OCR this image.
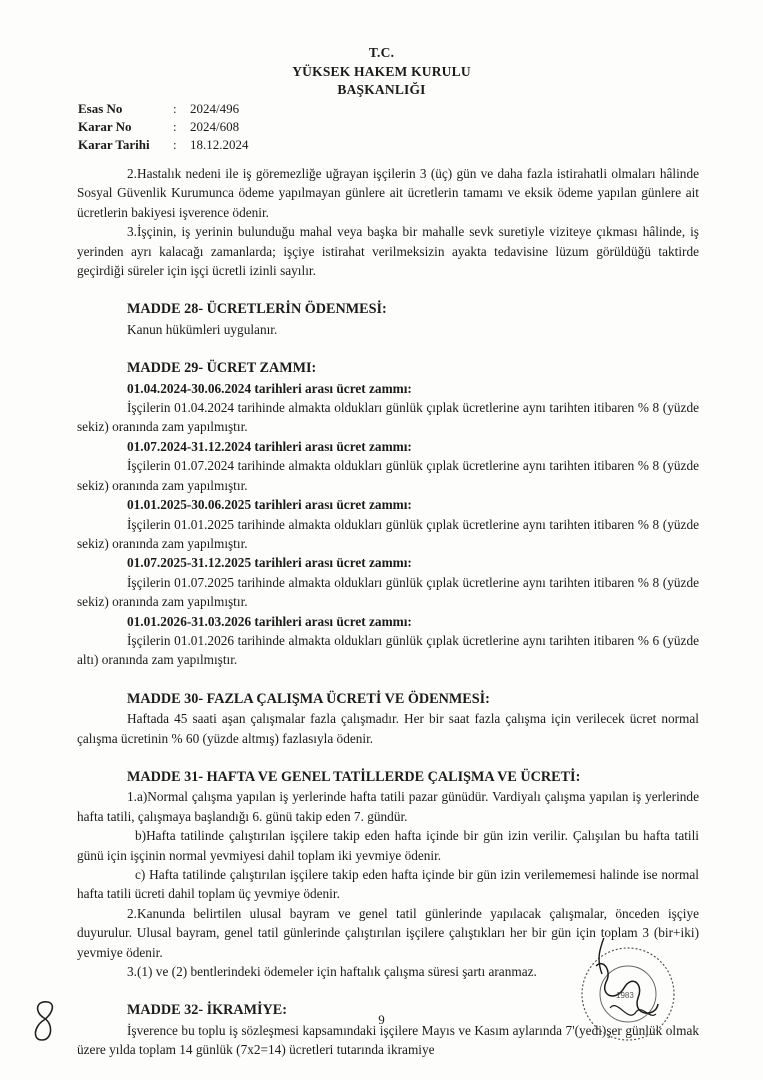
T.C.
YÜKSEK HAKEM KURULU
BAŞKANLIĞI
Esas No	: 2024/496
Karar No	: 2024/608
Karar Tarihi : 18.12.2024

2.Hastalık nedeni ile iş göremezliğe uğrayan işçilerin 3 (üç) gün ve daha fazla istirahatli olmaları hâlinde Sosyal Güvenlik Kurumunca ödeme yapılmayan günlere ait ücretlerin tamamı ve eksik ödeme yapılan günlere ait ücretlerin bakiyesi işverence ödenir.

3.İşçinin, iş yerinin bulunduğu mahal veya başka bir mahalle sevk suretiyle viziteye çıkması hâlinde, iş yerinden ayrı kalacağı zamanlarda; işçiye istirahat verilmeksizin ayakta tedavisine lüzum görüldüğü taktirde geçirdiği süreler için işçi ücretli izinli sayılır.

MADDE 28- ÜCRETLERİN ÖDENMESİ:

Kanun hükümleri uygulanır.

MADDE 29- ÜCRET ZAMMI:

01.04.2024-30.06.2024 tarihleri arası ücret zammı:

İşçilerin 01.04.2024 tarihinde almakta oldukları günlük çıplak ücretlerine aynı tarihten itibaren % 8 (yüzde sekiz) oranında zam yapılmıştır.

01.07.2024-31.12.2024 tarihleri arası ücret zammı:

İşçilerin 01.07.2024 tarihinde almakta oldukları günlük çıplak ücretlerine aynı tarihten itibaren % 8 (yüzde sekiz) oranında zam yapılmıştır.

01.01.2025-30.06.2025 tarihleri arası ücret zammı:

İşçilerin 01.01.2025 tarihinde almakta oldukları günlük çıplak ücretlerine aynı tarihten itibaren % 8 (yüzde sekiz) oranında zam yapılmıştır.

01.07.2025-31.12.2025 tarihleri arası ücret zammı:

İşçilerin 01.07.2025 tarihinde almakta oldukları günlük çıplak ücretlerine aynı tarihten itibaren % 8 (yüzde sekiz) oranında zam yapılmıştır.

01.01.2026-31.03.2026 tarihleri arası ücret zammı:

İşçilerin 01.01.2026 tarihinde almakta oldukları günlük çıplak ücretlerine aynı tarihten itibaren % 6 (yüzde altı) oranında zam yapılmıştır.

MADDE 30- FAZLA ÇALIŞMA ÜCRETİ VE ÖDENMESİ:

Haftada 45 saati aşan çalışmalar fazla çalışmadır. Her bir saat fazla çalışma için verilecek ücret normal çalışma ücretinin % 60 (yüzde altmış) fazlasıyla ödenir.

MADDE 31- HAFTA VE GENEL TATİLLERDE ÇALIŞMA VE ÜCRETİ:

1.a)Normal çalışma yapılan iş yerlerinde hafta tatili pazar günüdür. Vardiyalı çalışma yapılan iş yerlerinde hafta tatili, çalışmaya başlandığı 6. günü takip eden 7. gündür.

b)Hafta tatilinde çalıştırılan işçilere takip eden hafta içinde bir gün izin verilir. Çalışılan bu hafta tatili günü için işçinin normal yevmiyesi dahil toplam iki yevmiye ödenir.

c) Hafta tatilinde çalıştırılan işçilere takip eden hafta içinde bir gün izin verilememesi halinde ise normal hafta tatili ücreti dahil toplam üç yevmiye ödenir.

2.Kanunda belirtilen ulusal bayram ve genel tatil günlerinde yapılacak çalışmalar, önceden işçiye duyurulur. Ulusal bayram, genel tatil günlerinde çalıştırılan işçilere çalıştıkları her bir gün için toplam 3 (bir+iki) yevmiye ödenir.

3.(1) ve (2) bentlerindeki ödemeler için haftalık çalışma süresi şartı aranmaz.

MADDE 32- İKRAMİYE:

İşverence bu toplu iş sözleşmesi kapsamındaki işçilere Mayıs ve Kasım aylarında 7'(yedi)şer günlük olmak üzere yılda toplam 14 günlük (7x2=14) ücretleri tutarında ikramiye

9
1983
